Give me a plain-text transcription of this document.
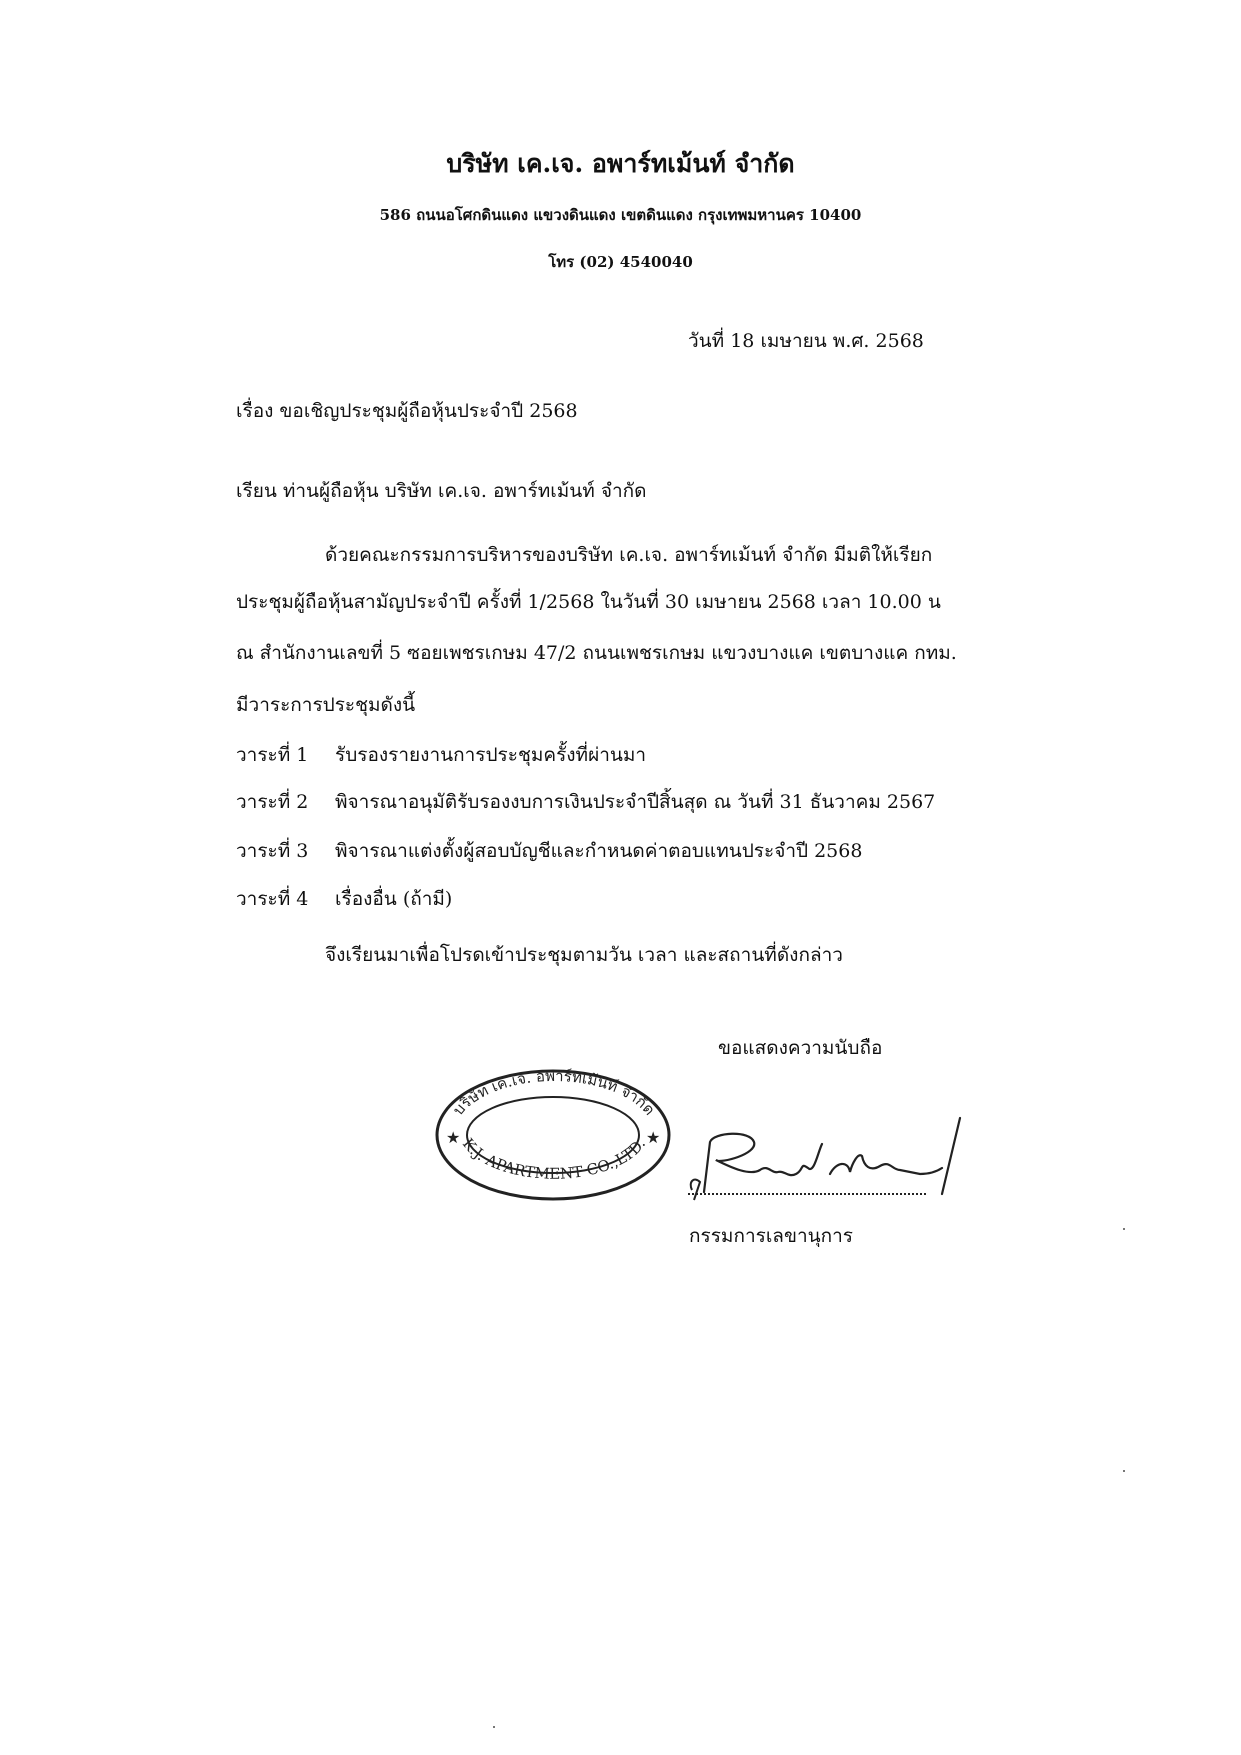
บริษัท เค.เจ. อพาร์ทเม้นท์ จำกัด
586 ถนนอโศกดินแดง แขวงดินแดง เขตดินแดง กรุงเทพมหานคร 10400
โทร (02) 4540040
วันที่ 18 เมษายน พ.ศ. 2568
เรื่อง ขอเชิญประชุมผู้ถือหุ้นประจำปี 2568
เรียน ท่านผู้ถือหุ้น บริษัท เค.เจ. อพาร์ทเม้นท์ จำกัด
ด้วยคณะกรรมการบริหารของบริษัท เค.เจ. อพาร์ทเม้นท์ จำกัด มีมติให้เรียก
ประชุมผู้ถือหุ้นสามัญประจำปี ครั้งที่ 1/2568 ในวันที่ 30 เมษายน 2568 เวลา 10.00 น
ณ สำนักงานเลขที่ 5 ซอยเพชรเกษม 47/2 ถนนเพชรเกษม แขวงบางแค เขตบางแค กทม.
มีวาระการประชุมดังนี้
วาระที่ 1 รับรองรายงานการประชุมครั้งที่ผ่านมา
วาระที่ 2 พิจารณาอนุมัติรับรองงบการเงินประจำปีสิ้นสุด ณ วันที่ 31 ธันวาคม 2567
วาระที่ 3 พิจารณาแต่งตั้งผู้สอบบัญชีและกำหนดค่าตอบแทนประจำปี 2568
วาระที่ 4 เรื่องอื่น (ถ้ามี)
จึงเรียนมาเพื่อโปรดเข้าประชุมตามวัน เวลา และสถานที่ดังกล่าว
ขอแสดงความนับถือ
บริษัท เค.เจ. อพาร์ทเม้นท์ จำกัด
K.J. APARTMENT CO.,LTD.
★	★
กรรมการเลขานุการ
